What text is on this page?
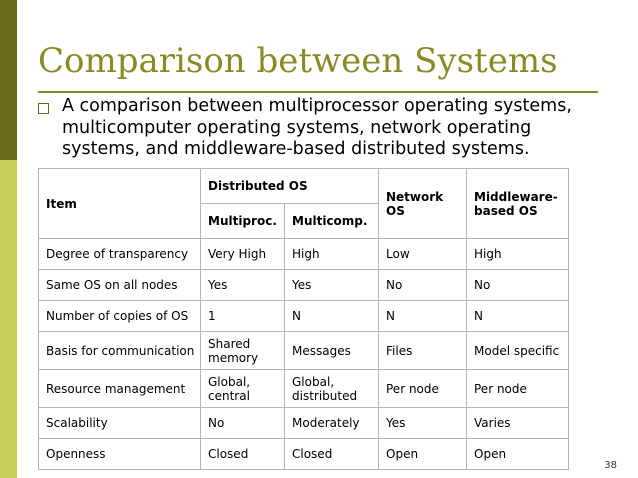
Comparison between Systems

A comparison between multiprocessor operating systems, multicomputer operating systems, network operating systems, and middleware-based distributed systems.

Item	Distributed OS		Network OS	Middleware-based OS
	Multiproc.	Multicomp.		
Degree of transparency	Very High	High	Low	High
Same OS on all nodes	Yes	Yes	No	No
Number of copies of OS	1	N	N	N
Basis for communication	Shared memory	Messages	Files	Model specific
Resource management	Global, central	Global, distributed	Per node	Per node
Scalability	No	Moderately	Yes	Varies
Openness	Closed	Closed	Open	Open
38
